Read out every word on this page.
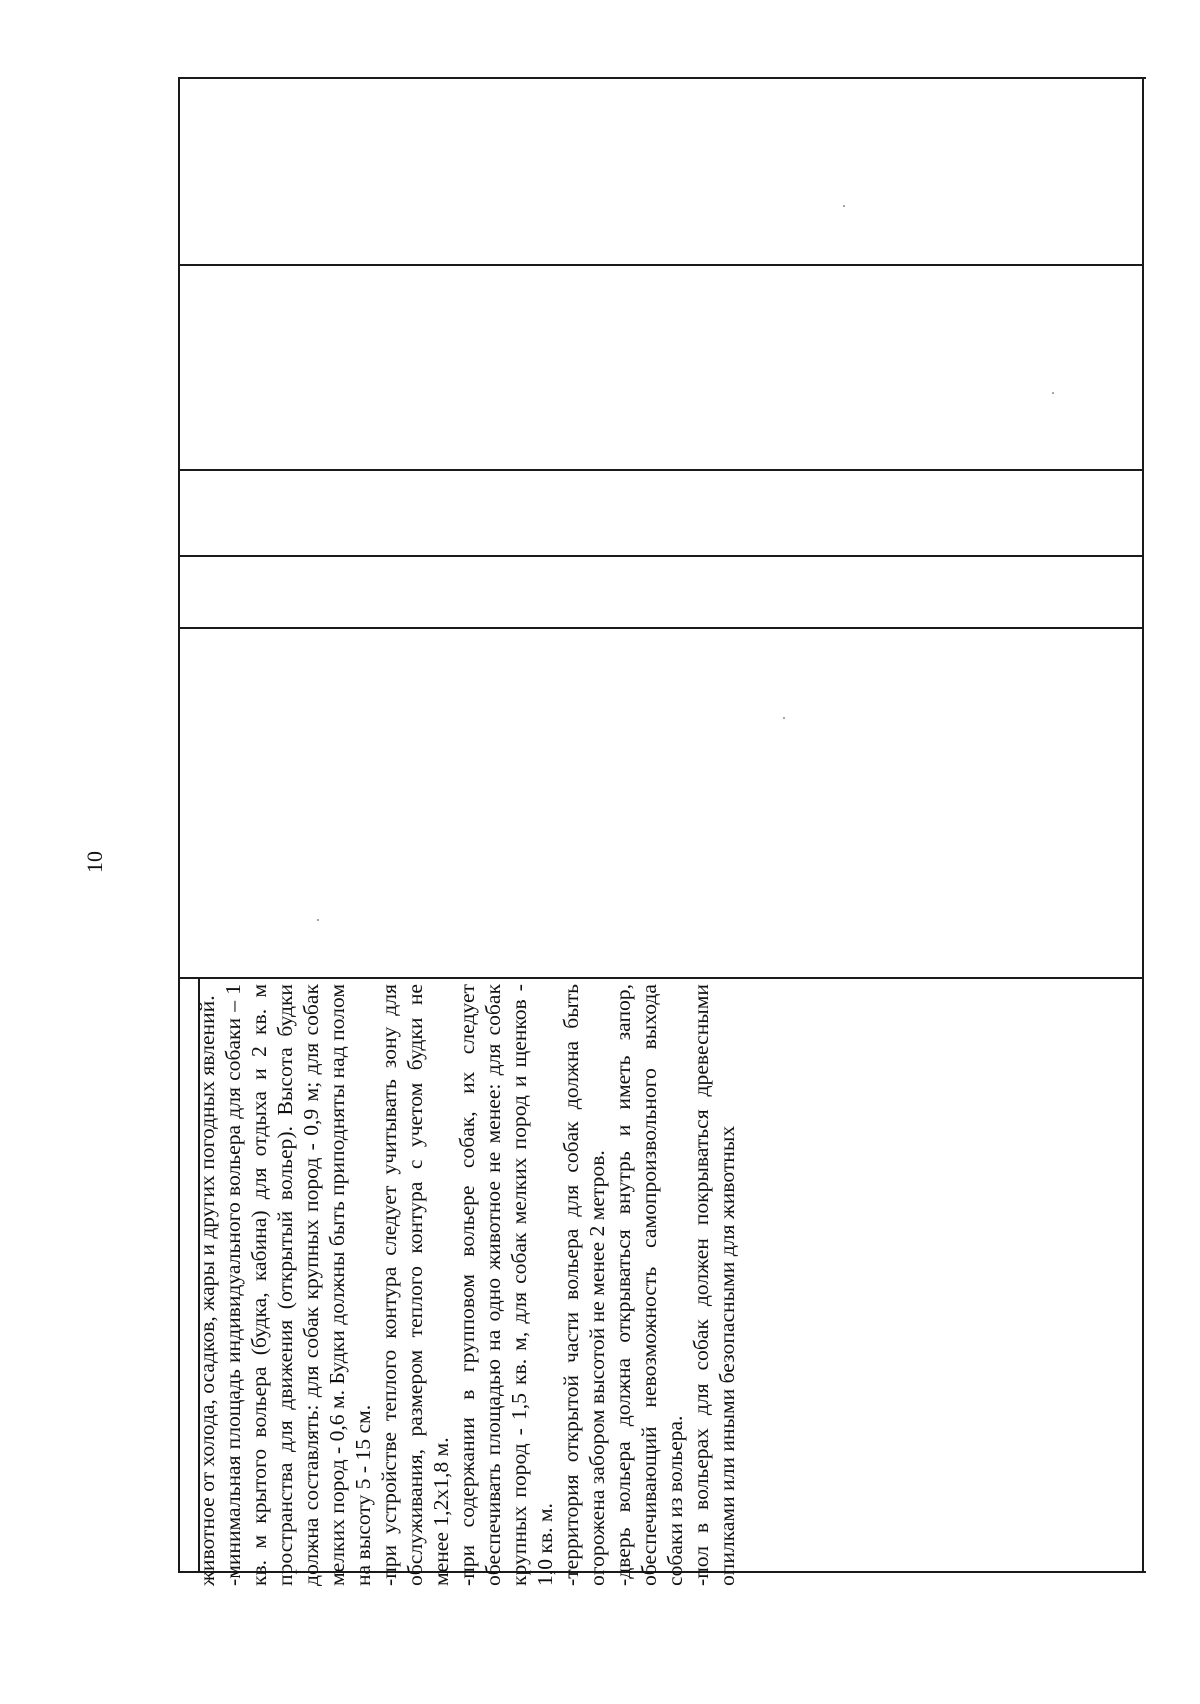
10

животное от холода, осадков, жары и других погодных явлений. -минимальная площадь индивидуального вольера для собаки – 1 кв. м крытого вольера (будка, кабина) для отдыха и 2 кв. м пространства для движения (открытый вольер). Высота будки должна составлять: для собак крупных пород - 0,9 м; для собак мелких пород - 0,6 м. Будки должны быть приподняты над полом на высоту 5 - 15 см. -при устройстве теплого контура следует учитывать зону для обслуживания, размером теплого контура с учетом будки не менее 1,2х1,8 м. -при содержании в групповом вольере собак, их следует обеспечивать площадью на одно животное не менее: для собак крупных пород - 1,5 кв. м, для собак мелких пород и щенков - 1,0 кв. м. -территория открытой части вольера для собак должна быть огорожена забором высотой не менее 2 метров. -дверь вольера должна открываться внутрь и иметь запор, обеспечивающий невозможность самопроизвольного выхода собаки из вольера. -пол в вольерах для собак должен покрываться древесными опилками или иными безопасными для животных
